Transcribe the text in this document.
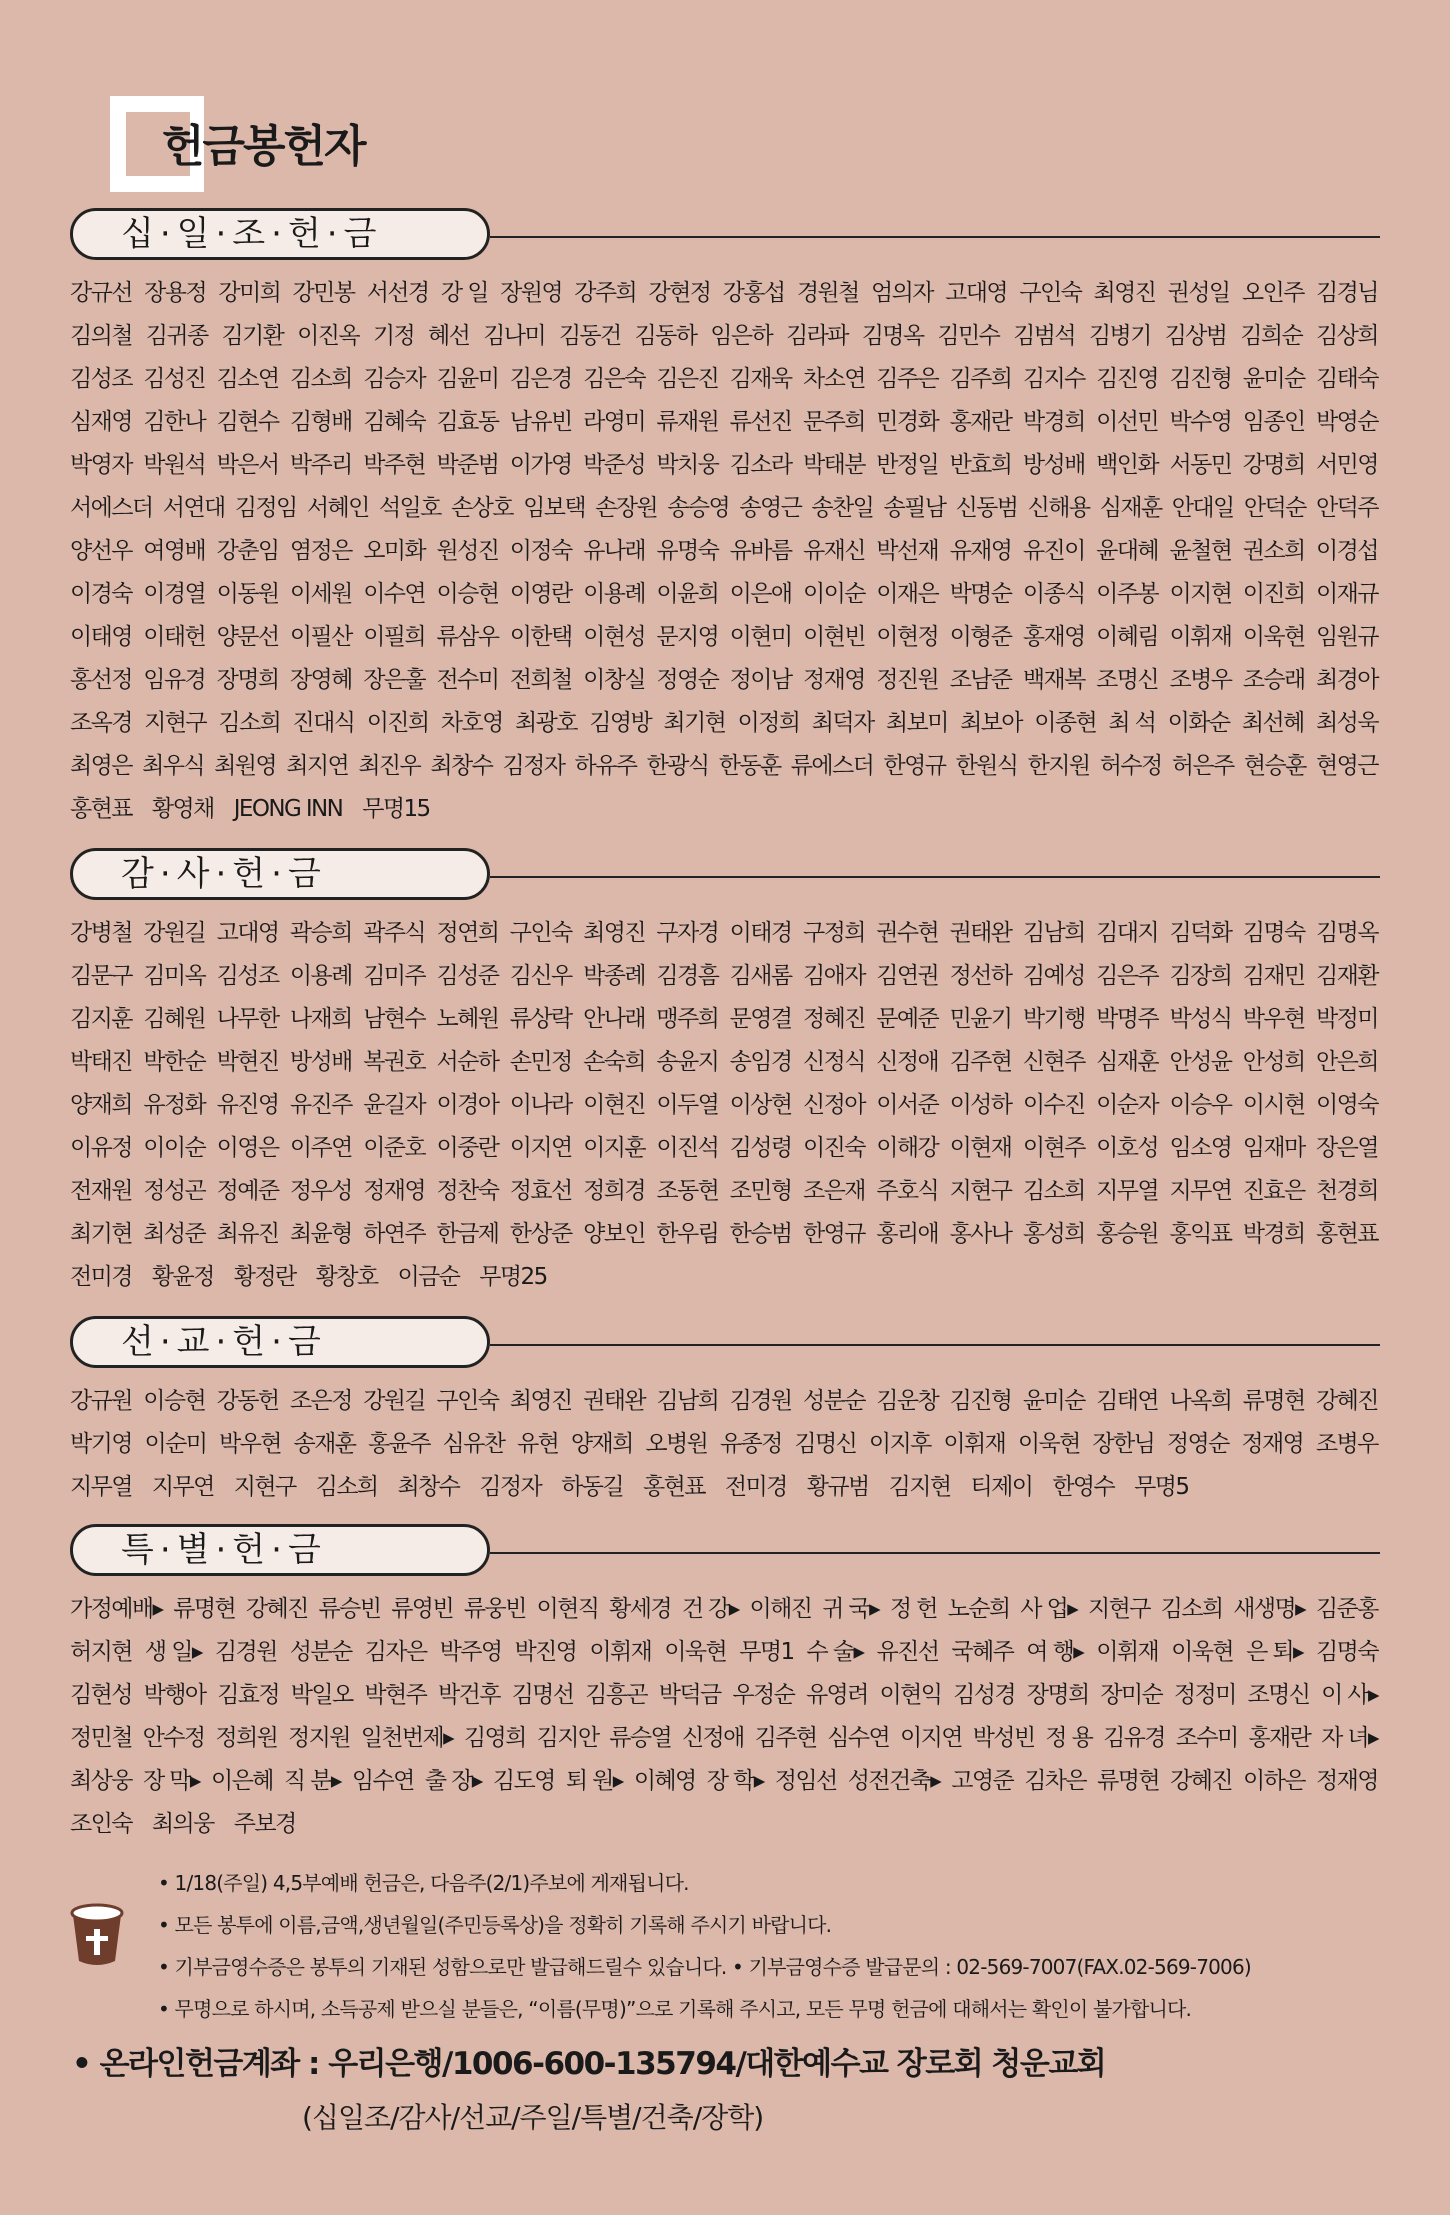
헌금봉헌자
십·일·조·헌·금
강규선 장용정 강미희 강민봉 서선경 강 일 장원영 강주희 강현정 강홍섭 경원철 엄의자 고대영 구인숙 최영진 권성일 오인주 김경님
김의철 김귀종 김기환 이진옥 기정 혜선 김나미 김동건 김동하 임은하 김라파 김명옥 김민수 김범석 김병기 김상범 김희순 김상희
김성조 김성진 김소연 김소희 김승자 김윤미 김은경 김은숙 김은진 김재욱 차소연 김주은 김주희 김지수 김진영 김진형 윤미순 김태숙
심재영 김한나 김현수 김형배 김혜숙 김효동 남유빈 라영미 류재원 류선진 문주희 민경화 홍재란 박경희 이선민 박수영 임종인 박영순
박영자 박원석 박은서 박주리 박주현 박준범 이가영 박준성 박치웅 김소라 박태분 반정일 반효희 방성배 백인화 서동민 강명희 서민영
서에스더 서연대 김정임 서혜인 석일호 손상호 임보택 손장원 송승영 송영근 송찬일 송필남 신동범 신해용 심재훈 안대일 안덕순 안덕주
양선우 여영배 강춘임 염정은 오미화 원성진 이정숙 유나래 유명숙 유바름 유재신 박선재 유재영 유진이 윤대혜 윤철현 권소희 이경섭
이경숙 이경열 이동원 이세원 이수연 이승현 이영란 이용례 이윤희 이은애 이이순 이재은 박명순 이종식 이주봉 이지현 이진희 이재규
이태영 이태헌 양문선 이필산 이필희 류삼우 이한택 이현성 문지영 이현미 이현빈 이현정 이형준 홍재영 이혜림 이휘재 이욱현 임원규
홍선정 임유경 장명희 장영혜 장은훌 전수미 전희철 이창실 정영순 정이남 정재영 정진원 조남준 백재복 조명신 조병우 조승래 최경아
조옥경 지현구 김소희 진대식 이진희 차호영 최광호 김영방 최기현 이정희 최덕자 최보미 최보아 이종현 최 석 이화순 최선혜 최성욱
최영은 최우식 최원영 최지연 최진우 최창수 김정자 하유주 한광식 한동훈 류에스더 한영규 한원식 한지원 허수정 허은주 현승훈 현영근
홍현표 황영채 JEONG INN 무명15
감·사·헌·금
강병철 강원길 고대영 곽승희 곽주식 정연희 구인숙 최영진 구자경 이태경 구정희 권수현 권태완 김남희 김대지 김덕화 김명숙 김명옥
김문구 김미옥 김성조 이용례 김미주 김성준 김신우 박종례 김경흠 김새롬 김애자 김연권 정선하 김예성 김은주 김장희 김재민 김재환
김지훈 김혜원 나무한 나재희 남현수 노혜원 류상락 안나래 맹주희 문영결 정혜진 문예준 민윤기 박기행 박명주 박성식 박우현 박정미
박태진 박한순 박현진 방성배 복권호 서순하 손민정 손숙희 송윤지 송임경 신정식 신정애 김주현 신현주 심재훈 안성윤 안성희 안은희
양재희 유정화 유진영 유진주 윤길자 이경아 이나라 이현진 이두열 이상현 신정아 이서준 이성하 이수진 이순자 이승우 이시현 이영숙
이유정 이이순 이영은 이주연 이준호 이중란 이지연 이지훈 이진석 김성령 이진숙 이해강 이현재 이현주 이호성 임소영 임재마 장은열
전재원 정성곤 정예준 정우성 정재영 정찬숙 정효선 정희경 조동현 조민형 조은재 주호식 지현구 김소희 지무열 지무연 진효은 천경희
최기현 최성준 최유진 최윤형 하연주 한금제 한상준 양보인 한우림 한승범 한영규 홍리애 홍사나 홍성희 홍승원 홍익표 박경희 홍현표
전미경 황윤정 황정란 황창호 이금순 무명25
선·교·헌·금
강규원 이승현 강동헌 조은정 강원길 구인숙 최영진 권태완 김남희 김경원 성분순 김운창 김진형 윤미순 김태연 나옥희 류명현 강혜진
박기영 이순미 박우현 송재훈 홍윤주 심유찬 유현 양재희 오병원 유종정 김명신 이지후 이휘재 이욱현 장한님 정영순 정재영 조병우
지무열 지무연 지현구 김소희 최창수 김정자 하동길 홍현표 전미경 황규범 김지현 티제이 한영수 무명5
특·별·헌·금
가정예배▸ 류명현 강혜진 류승빈 류영빈 류웅빈 이현직 황세경 건 강▸ 이해진 귀 국▸ 정 헌 노순희 사 업▸ 지현구 김소희 새생명▸ 김준홍
허지현 생 일▸ 김경원 성분순 김자은 박주영 박진영 이휘재 이욱현 무명1 수 술▸ 유진선 국혜주 여 행▸ 이휘재 이욱현 은 퇴▸ 김명숙
김현성 박행아 김효정 박일오 박현주 박건후 김명선 김흥곤 박덕금 우정순 유영려 이현익 김성경 장명희 장미순 정정미 조명신 이 사▸
정민철 안수정 정희원 정지원 일천번제▸ 김영희 김지안 류승열 신정애 김주현 심수연 이지연 박성빈 정 용 김유경 조수미 홍재란 자 녀▸
최상웅 장 막▸ 이은혜 직 분▸ 임수연 출 장▸ 김도영 퇴 원▸ 이혜영 장 학▸ 정임선 성전건축▸ 고영준 김차은 류명현 강혜진 이하은 정재영
조인숙 최의웅 주보경
• 1/18(주일) 4,5부예배 헌금은, 다음주(2/1)주보에 게재됩니다.
• 모든 봉투에 이름,금액,생년월일(주민등록상)을 정확히 기록해 주시기 바랍니다.
• 기부금영수증은 봉투의 기재된 성함으로만 발급해드릴수 있습니다. • 기부금영수증 발급문의 : 02-569-7007(FAX.02-569-7006)
• 무명으로 하시며, 소득공제 받으실 분들은, “이름(무명)”으로 기록해 주시고, 모든 무명 헌금에 대해서는 확인이 불가합니다.
• 온라인헌금계좌 : 우리은행/1006-600-135794/대한예수교 장로회 청운교회
(십일조/감사/선교/주일/특별/건축/장학)
